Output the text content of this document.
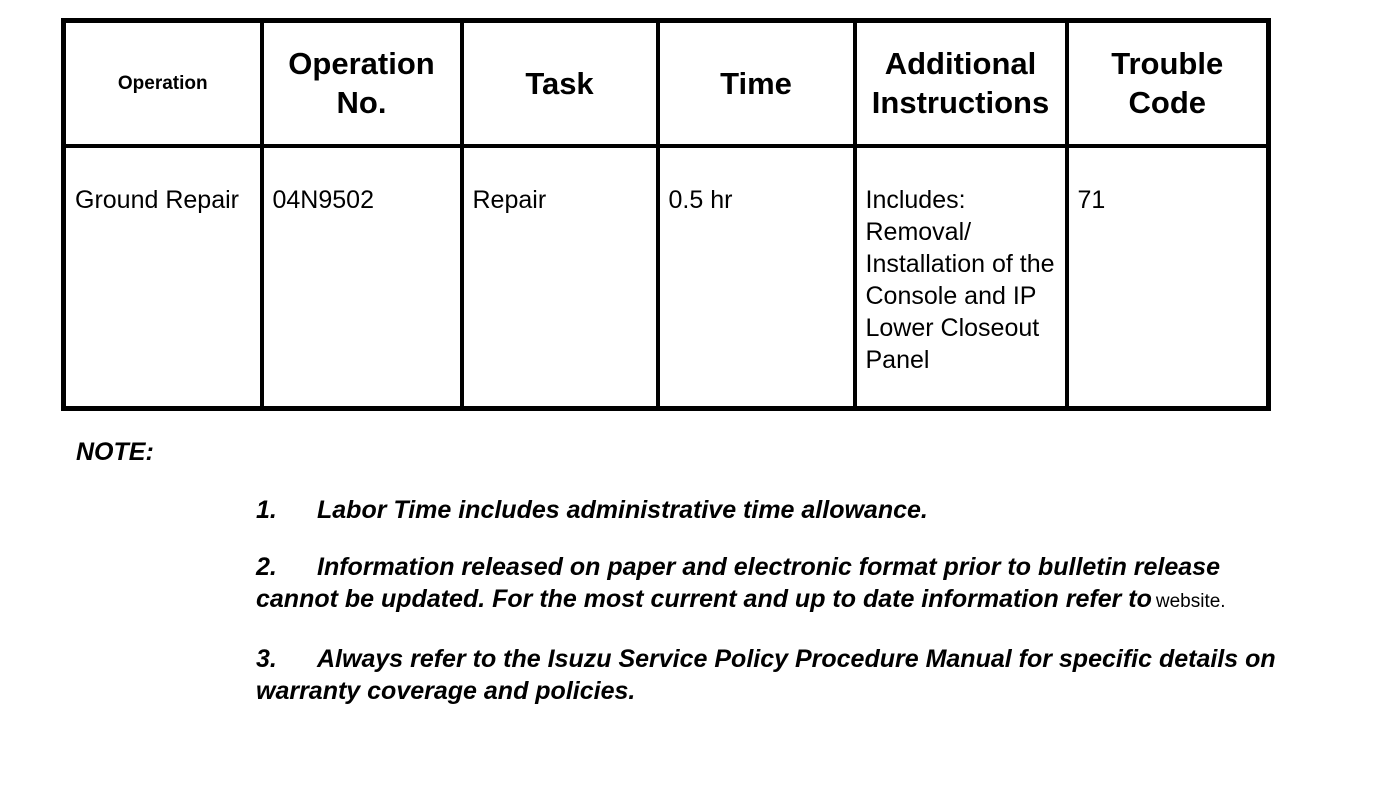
Operation	Operation No.	Task	Time	Additional Instructions	Trouble Code
Ground Repair	04N9502	Repair	0.5 hr	Includes: Removal/ Installation of the Console and IP Lower Closeout Panel	71

NOTE:

1. Labor Time includes administrative time allowance.
2. Information released on paper and electronic format prior to bulletin release cannot be updated. For the most current and up to date information refer to website.
3. Always refer to the Isuzu Service Policy Procedure Manual for specific details on warranty coverage and policies.
